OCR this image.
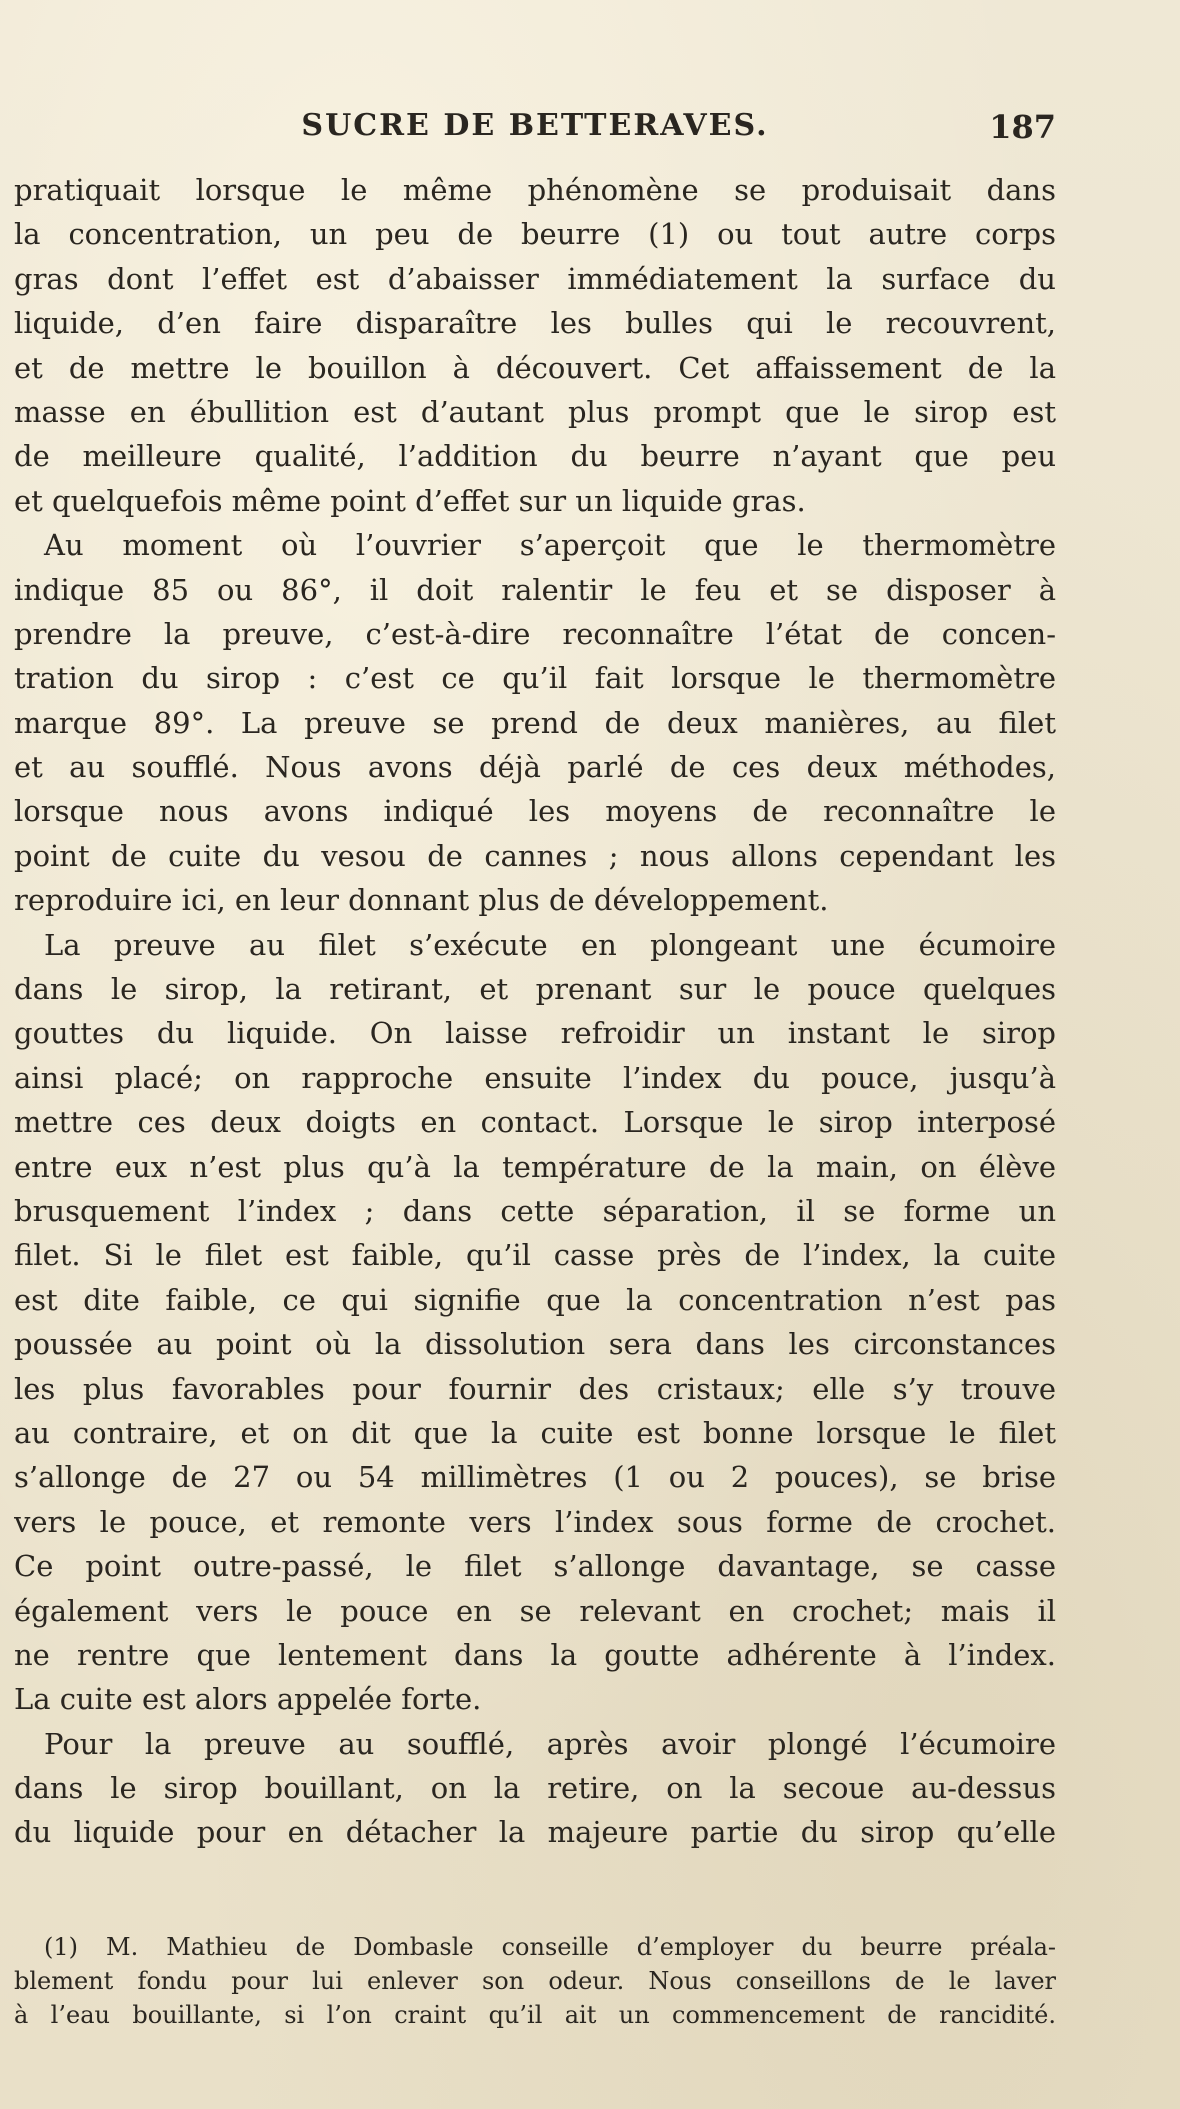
SUCRE DE BETTERAVES.	187
pratiquait lorsque le même phénomène se produisait dans
la concentration, un peu de beurre (1) ou tout autre corps
gras dont l’effet est d’abaisser immédiatement la surface du
liquide, d’en faire disparaître les bulles qui le recouvrent,
et de mettre le bouillon à découvert. Cet affaissement de la
masse en ébullition est d’autant plus prompt que le sirop est
de meilleure qualité, l’addition du beurre n’ayant que peu
et quelquefois même point d’effet sur un liquide gras.
Au moment où l’ouvrier s’aperçoit que le thermomètre
indique 85 ou 86°, il doit ralentir le feu et se disposer à
prendre la preuve, c’est-à-dire reconnaître l’état de concen-
tration du sirop : c’est ce qu’il fait lorsque le thermomètre
marque 89°. La preuve se prend de deux manières, au filet
et au soufflé. Nous avons déjà parlé de ces deux méthodes,
lorsque nous avons indiqué les moyens de reconnaître le
point de cuite du vesou de cannes ; nous allons cependant les
reproduire ici, en leur donnant plus de développement.
La preuve au filet s’exécute en plongeant une écumoire
dans le sirop, la retirant, et prenant sur le pouce quelques
gouttes du liquide. On laisse refroidir un instant le sirop
ainsi placé; on rapproche ensuite l’index du pouce, jusqu’à
mettre ces deux doigts en contact. Lorsque le sirop interposé
entre eux n’est plus qu’à la température de la main, on élève
brusquement l’index ; dans cette séparation, il se forme un
filet. Si le filet est faible, qu’il casse près de l’index, la cuite
est dite faible, ce qui signifie que la concentration n’est pas
poussée au point où la dissolution sera dans les circonstances
les plus favorables pour fournir des cristaux; elle s’y trouve
au contraire, et on dit que la cuite est bonne lorsque le filet
s’allonge de 27 ou 54 millimètres (1 ou 2 pouces), se brise
vers le pouce, et remonte vers l’index sous forme de crochet.
Ce point outre-passé, le filet s’allonge davantage, se casse
également vers le pouce en se relevant en crochet; mais il
ne rentre que lentement dans la goutte adhérente à l’index.
La cuite est alors appelée forte.
Pour la preuve au soufflé, après avoir plongé l’écumoire
dans le sirop bouillant, on la retire, on la secoue au-dessus
du liquide pour en détacher la majeure partie du sirop qu’elle
(1) M. Mathieu de Dombasle conseille d’employer du beurre préala-
blement fondu pour lui enlever son odeur. Nous conseillons de le laver
à l’eau bouillante, si l’on craint qu’il ait un commencement de rancidité.
